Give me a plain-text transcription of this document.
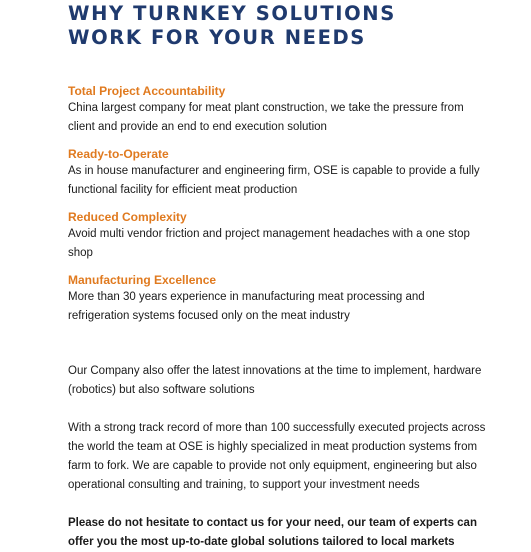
WHY TURNKEY SOLUTIONS
WORK FOR YOUR NEEDS
Total Project Accountability
China largest company for meat plant construction, we take the pressure from client and provide an end to end execution solution
Ready-to-Operate
As in house manufacturer and engineering firm, OSE is capable to provide a fully functional facility for efficient meat production
Reduced Complexity
Avoid multi vendor friction and project management headaches with a one stop shop
Manufacturing Excellence
More than 30 years experience in manufacturing meat processing and refrigeration systems focused only on the meat industry

Our Company also offer the latest innovations at the time to implement, hardware (robotics) but also software solutions

With a strong track record of more than 100 successfully executed projects across the world the team at OSE is highly specialized in meat production systems from farm to fork. We are capable to provide not only equipment, engineering but also operational consulting and training, to support your investment needs

Please do not hesitate to contact us for your need, our team of experts can offer you the most up-to-date global solutions tailored to local markets
